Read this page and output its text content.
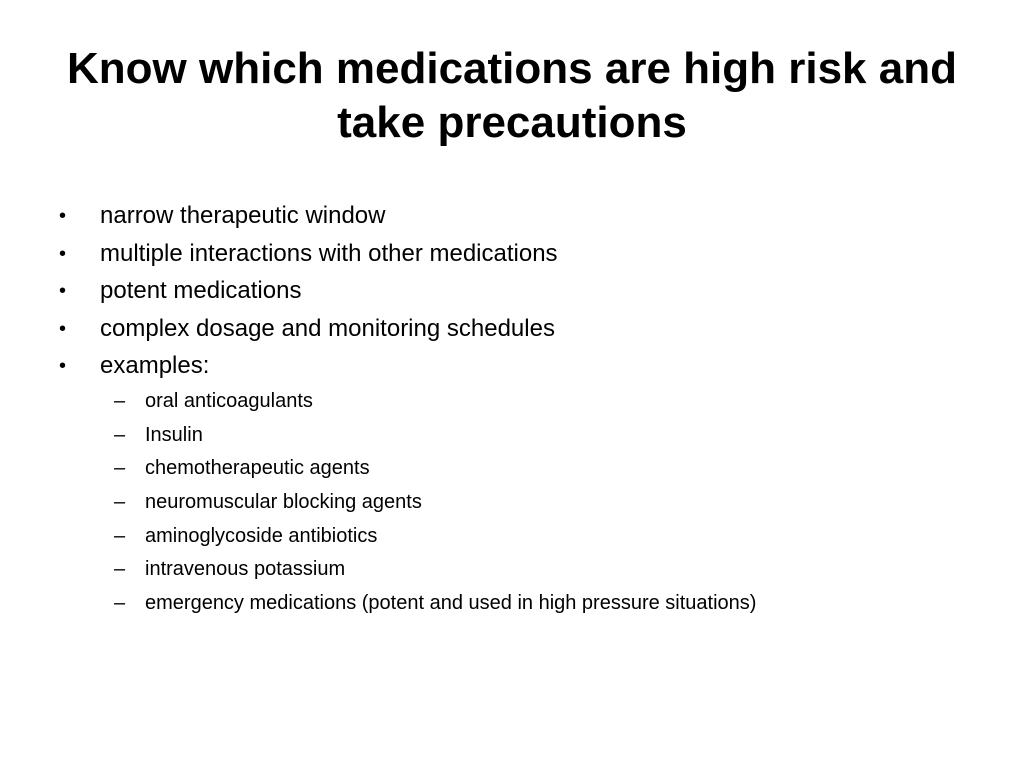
Know which medications are high risk and take precautions
• narrow therapeutic window
• multiple interactions with other medications
• potent medications
• complex dosage and monitoring schedules
• examples:
– oral anticoagulants
– Insulin
– chemotherapeutic agents
– neuromuscular blocking agents
– aminoglycoside antibiotics
– intravenous potassium
– emergency medications (potent and used in high pressure situations)
